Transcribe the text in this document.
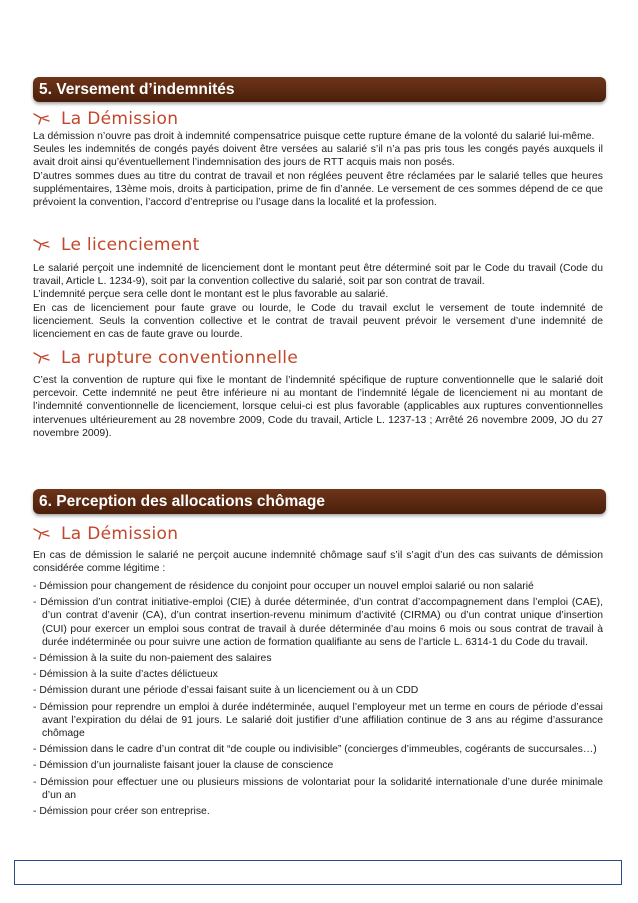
5. Versement d’indemnités
La Démission

La démission n’ouvre pas droit à indemnité compensatrice puisque cette rupture émane de la volonté du salarié lui-même.

Seules les indemnités de congés payés doivent être versées au salarié s’il n’a pas pris tous les congés payés auxquels il avait droit ainsi qu’éventuellement l’indemnisation des jours de RTT acquis mais non posés.

D’autres sommes dues au titre du contrat de travail et non réglées peuvent être réclamées par le salarié telles que heures supplémentaires, 13ème mois, droits à participation, prime de fin d’année. Le versement de ces sommes dépend de ce que prévoient la convention, l’accord d’entreprise ou l’usage dans la localité et la profession.

Le licenciement

Le salarié perçoit une indemnité de licenciement dont le montant peut être déterminé soit par le Code du travail (Code du travail, Article L. 1234-9), soit par la convention collective du salarié, soit par son contrat de travail.

L’indemnité perçue sera celle dont le montant est le plus favorable au salarié.

En cas de licenciement pour faute grave ou lourde, le Code du travail exclut le versement de toute indemnité de licenciement. Seuls la convention collective et le contrat de travail peuvent prévoir le versement d’une indemnité de licenciement en cas de faute grave ou lourde.

La rupture conventionnelle

C’est la convention de rupture qui fixe le montant de l’indemnité spécifique de rupture conventionnelle que le salarié doit percevoir. Cette indemnité ne peut être inférieure ni au montant de l’indemnité légale de licenciement ni au montant de l’indemnité conventionnelle de licenciement, lorsque celui-ci est plus favorable (applicables aux ruptures conventionnelles intervenues ultérieurement au 28 novembre 2009, Code du travail, Article L. 1237-13 ; Arrêté 26 novembre 2009, JO du 27 novembre 2009).

6. Perception des allocations chômage
La Démission
En cas de démission le salarié ne perçoit aucune indemnité chômage sauf s’il s’agit d’un des cas suivants de démission considérée comme légitime :

- Démission pour changement de résidence du conjoint pour occuper un nouvel emploi salarié ou non salarié

- Démission d’un contrat initiative-emploi (CIE) à durée déterminée, d’un contrat d’accompagnement dans l’emploi (CAE), d’un contrat d’avenir (CA), d’un contrat insertion-revenu minimum d’activité (CIRMA) ou d’un contrat unique d’insertion (CUI) pour exercer un emploi sous contrat de travail à durée déterminée d’au moins 6 mois ou sous contrat de travail à durée indéterminée ou pour suivre une action de formation qualifiante au sens de l’article L. 6314-1 du Code du travail.

- Démission à la suite du non-paiement des salaires

- Démission à la suite d’actes délictueux

- Démission durant une période d’essai faisant suite à un licenciement ou à un CDD

- Démission pour reprendre un emploi à durée indéterminée, auquel l’employeur met un terme en cours de période d’essai avant l’expiration du délai de 91 jours. Le salarié doit justifier d’une affiliation continue de 3 ans au régime d’assurance chômage

- Démission dans le cadre d’un contrat dit “de couple ou indivisible” (concierges d’immeubles, cogérants de succursales…)

- Démission d’un journaliste faisant jouer la clause de conscience

- Démission pour effectuer une ou plusieurs missions de volontariat pour la solidarité internationale d’une durée minimale d’un an

- Démission pour créer son entreprise.
